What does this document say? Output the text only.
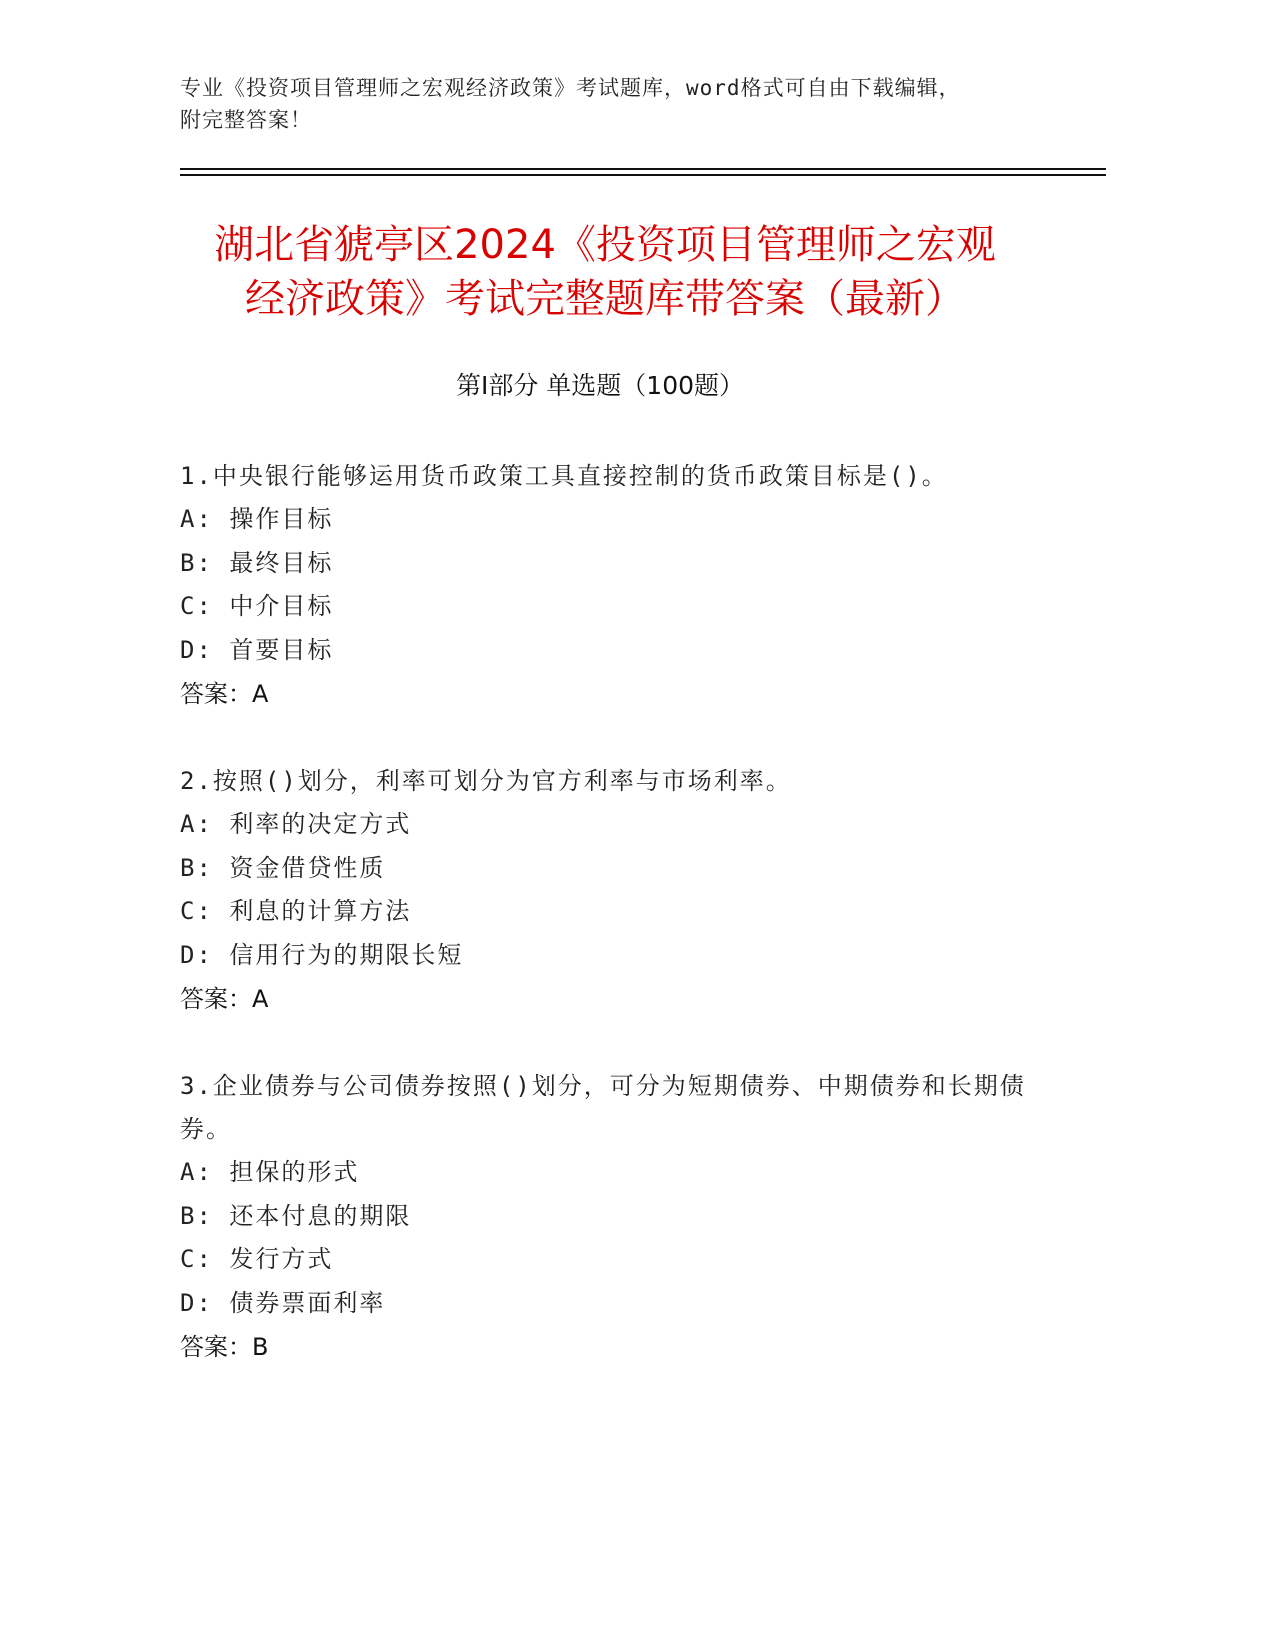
专业《投资项目管理师之宏观经济政策》考试题库，word格式可自由下载编辑，
附完整答案！
湖北省猇亭区2024《投资项目管理师之宏观
经济政策》考试完整题库带答案（最新）
第Ⅰ部分 单选题（100题）
1.中央银行能够运用货币政策工具直接控制的货币政策目标是()。
A: 操作目标
B: 最终目标
C: 中介目标
D: 首要目标
答案：A
2.按照()划分，利率可划分为官方利率与市场利率。
A: 利率的决定方式
B: 资金借贷性质
C: 利息的计算方法
D: 信用行为的期限长短
答案：A
3.企业债券与公司债券按照()划分，可分为短期债券、中期债券和长期债券。
A: 担保的形式
B: 还本付息的期限
C: 发行方式
D: 债券票面利率
答案：B
